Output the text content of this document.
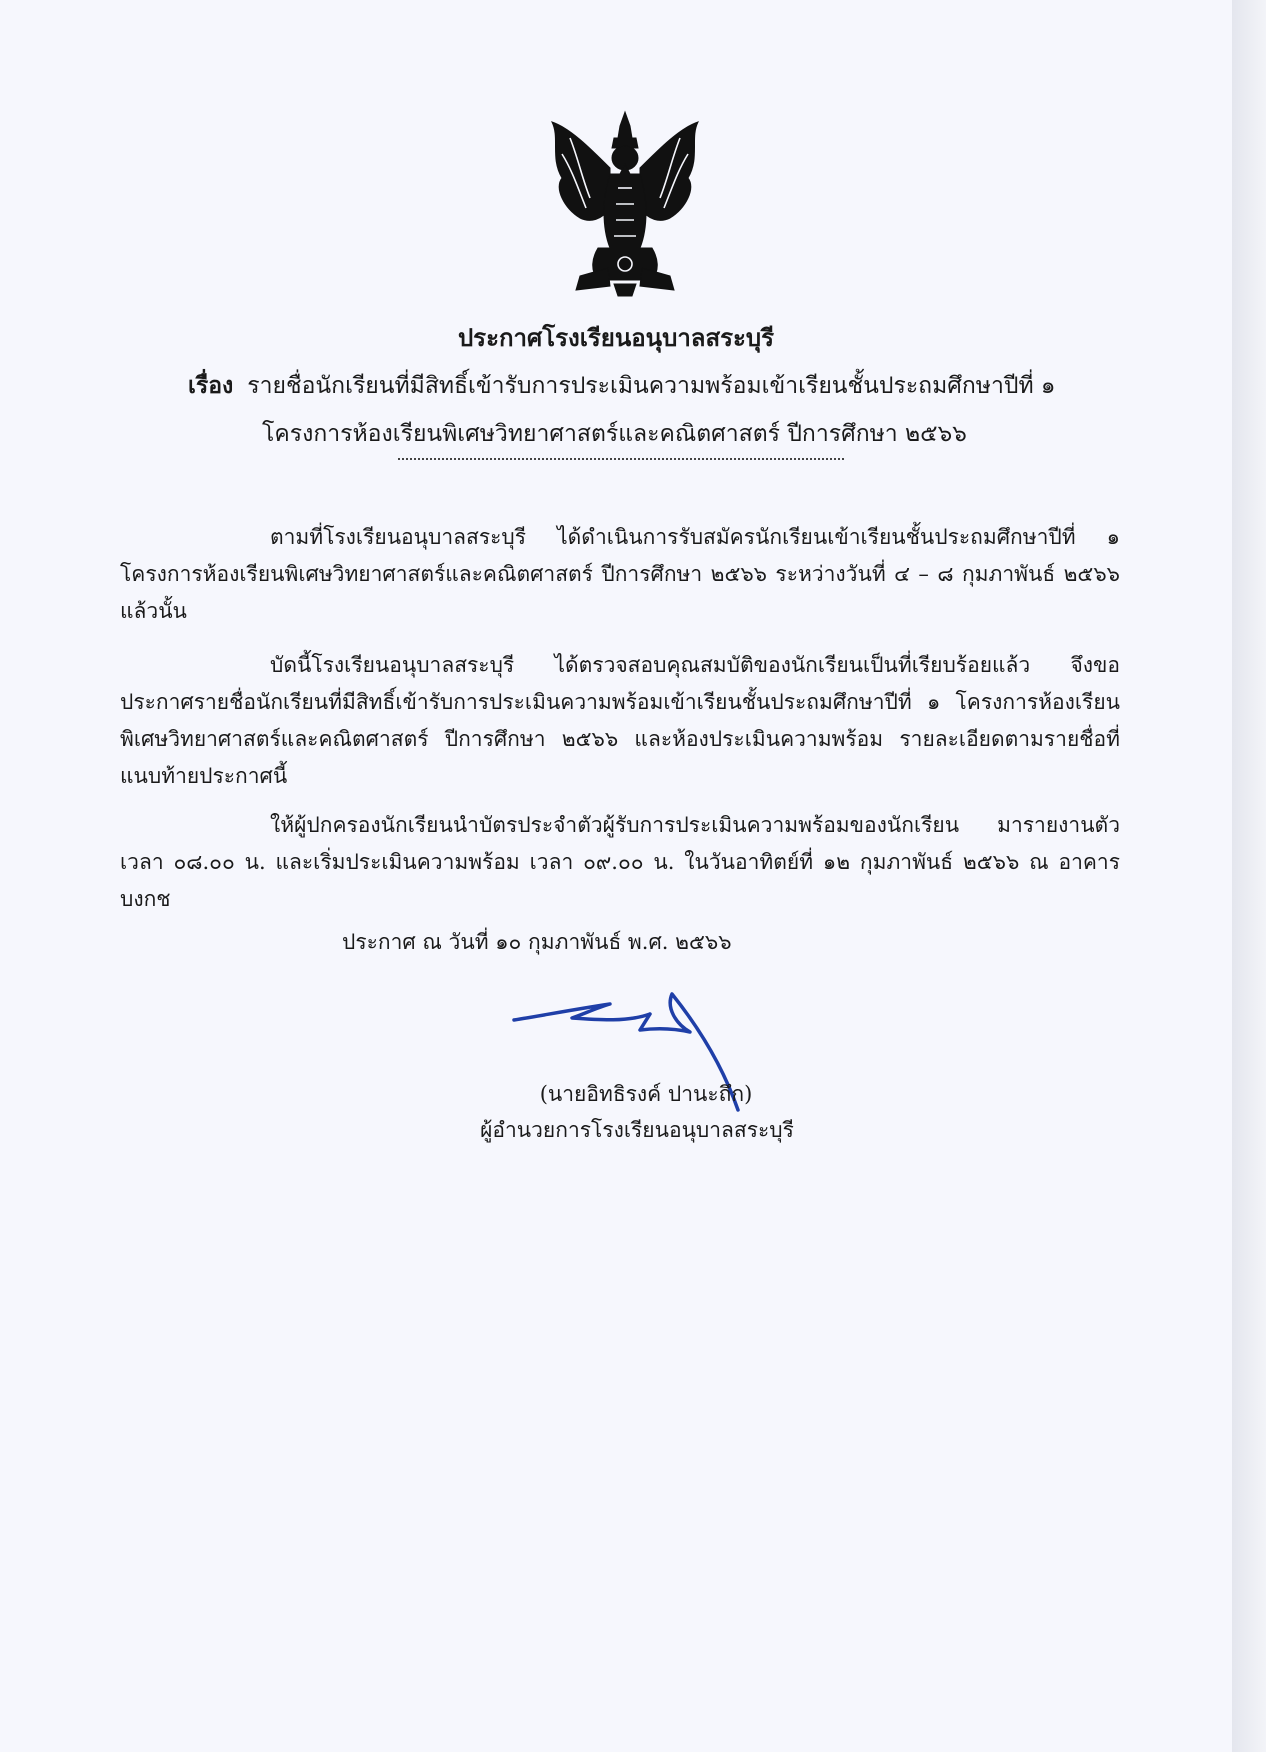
ประกาศโรงเรียนอนุบาลสระบุรี
เรื่อง รายชื่อนักเรียนที่มีสิทธิ์เข้ารับการประเมินความพร้อมเข้าเรียนชั้นประถมศึกษาปีที่ ๑
โครงการห้องเรียนพิเศษวิทยาศาสตร์และคณิตศาสตร์ ปีการศึกษา ๒๕๖๖

ตามที่โรงเรียนอนุบาลสระบุรี ได้ดำเนินการรับสมัครนักเรียนเข้าเรียนชั้นประถมศึกษาปีที่ ๑ โครงการห้องเรียนพิเศษวิทยาศาสตร์และคณิตศาสตร์ ปีการศึกษา ๒๕๖๖ ระหว่างวันที่ ๔ – ๘ กุมภาพันธ์ ๒๕๖๖ แล้วนั้น

บัดนี้โรงเรียนอนุบาลสระบุรี ได้ตรวจสอบคุณสมบัติของนักเรียนเป็นที่เรียบร้อยแล้ว จึงขอประกาศรายชื่อนักเรียนที่มีสิทธิ์เข้ารับการประเมินความพร้อมเข้าเรียนชั้นประถมศึกษาปีที่ ๑ โครงการห้องเรียนพิเศษวิทยาศาสตร์และคณิตศาสตร์ ปีการศึกษา ๒๕๖๖ และห้องประเมินความพร้อม รายละเอียดตามรายชื่อที่แนบท้ายประกาศนี้

ให้ผู้ปกครองนักเรียนนำบัตรประจำตัวผู้รับการประเมินความพร้อมของนักเรียน มารายงานตัวเวลา ๐๘.๐๐ น. และเริ่มประเมินความพร้อม เวลา ๐๙.๐๐ น. ในวันอาทิตย์ที่ ๑๒ กุมภาพันธ์ ๒๕๖๖ ณ อาคารบงกช

ประกาศ ณ วันที่ ๑๐ กุมภาพันธ์ พ.ศ. ๒๕๖๖
(นายอิทธิรงค์ ปานะถึก)
ผู้อำนวยการโรงเรียนอนุบาลสระบุรี
